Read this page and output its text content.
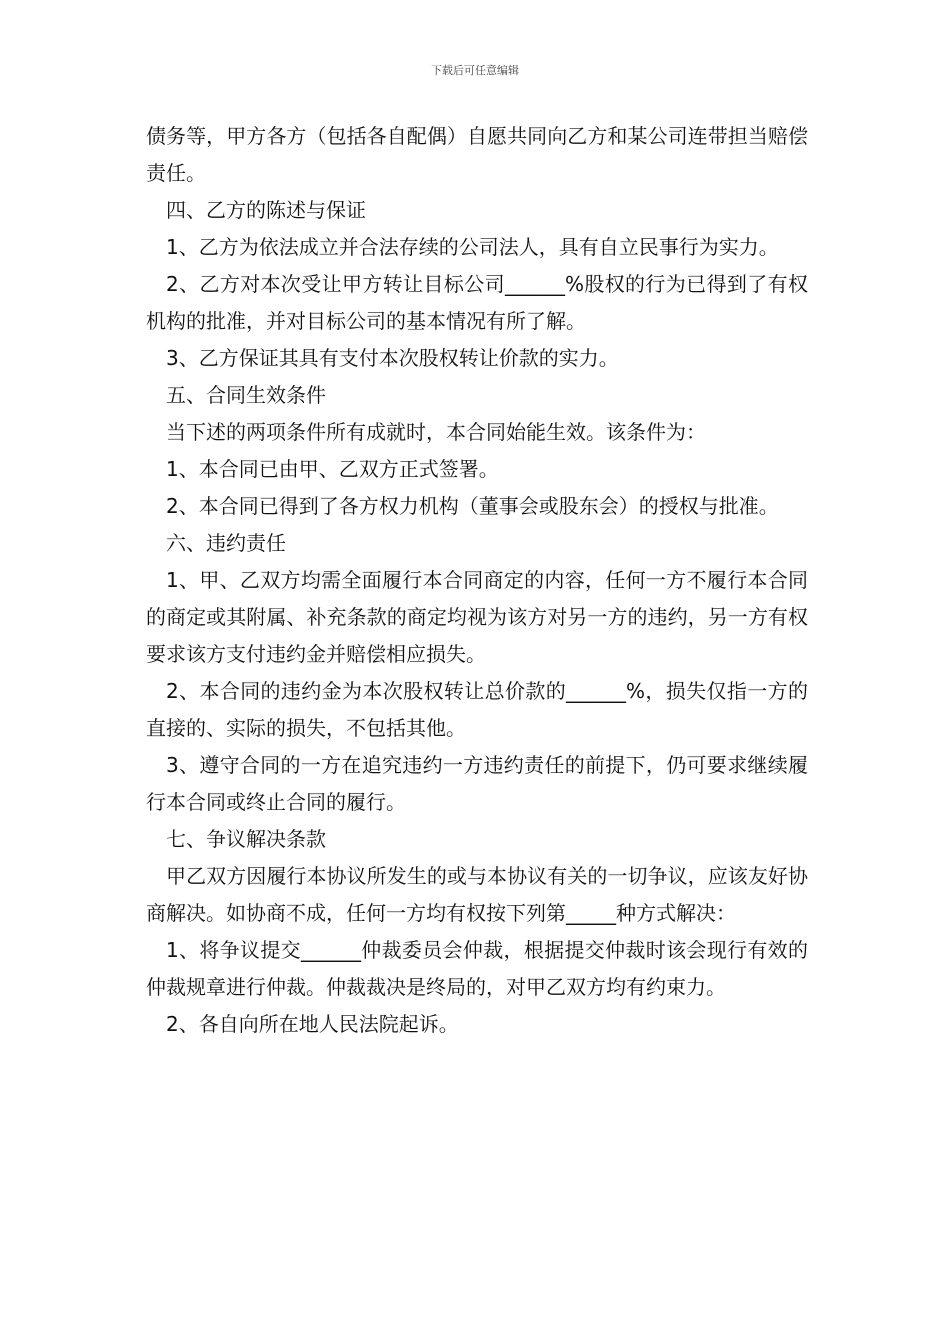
下载后可任意编辑

债务等，甲方各方（包括各自配偶）自愿共同向乙方和某公司连带担当赔偿责任。

四、乙方的陈述与保证

1、乙方为依法成立并合法存续的公司法人，具有自立民事行为实力。

2、乙方对本次受让甲方转让目标公司______%股权的行为已得到了有权机构的批准，并对目标公司的基本情况有所了解。

3、乙方保证其具有支付本次股权转让价款的实力。

五、合同生效条件

当下述的两项条件所有成就时，本合同始能生效。该条件为：

1、本合同已由甲、乙双方正式签署。

2、本合同已得到了各方权力机构（董事会或股东会）的授权与批准。

六、违约责任

1、甲、乙双方均需全面履行本合同商定的内容，任何一方不履行本合同的商定或其附属、补充条款的商定均视为该方对另一方的违约，另一方有权要求该方支付违约金并赔偿相应损失。

2、本合同的违约金为本次股权转让总价款的______%，损失仅指一方的直接的、实际的损失，不包括其他。

3、遵守合同的一方在追究违约一方违约责任的前提下，仍可要求继续履行本合同或终止合同的履行。

七、争议解决条款

甲乙双方因履行本协议所发生的或与本协议有关的一切争议，应该友好协商解决。如协商不成，任何一方均有权按下列第_____种方式解决：

1、将争议提交______仲裁委员会仲裁，根据提交仲裁时该会现行有效的仲裁规章进行仲裁。仲裁裁决是终局的，对甲乙双方均有约束力。

2、各自向所在地人民法院起诉。
